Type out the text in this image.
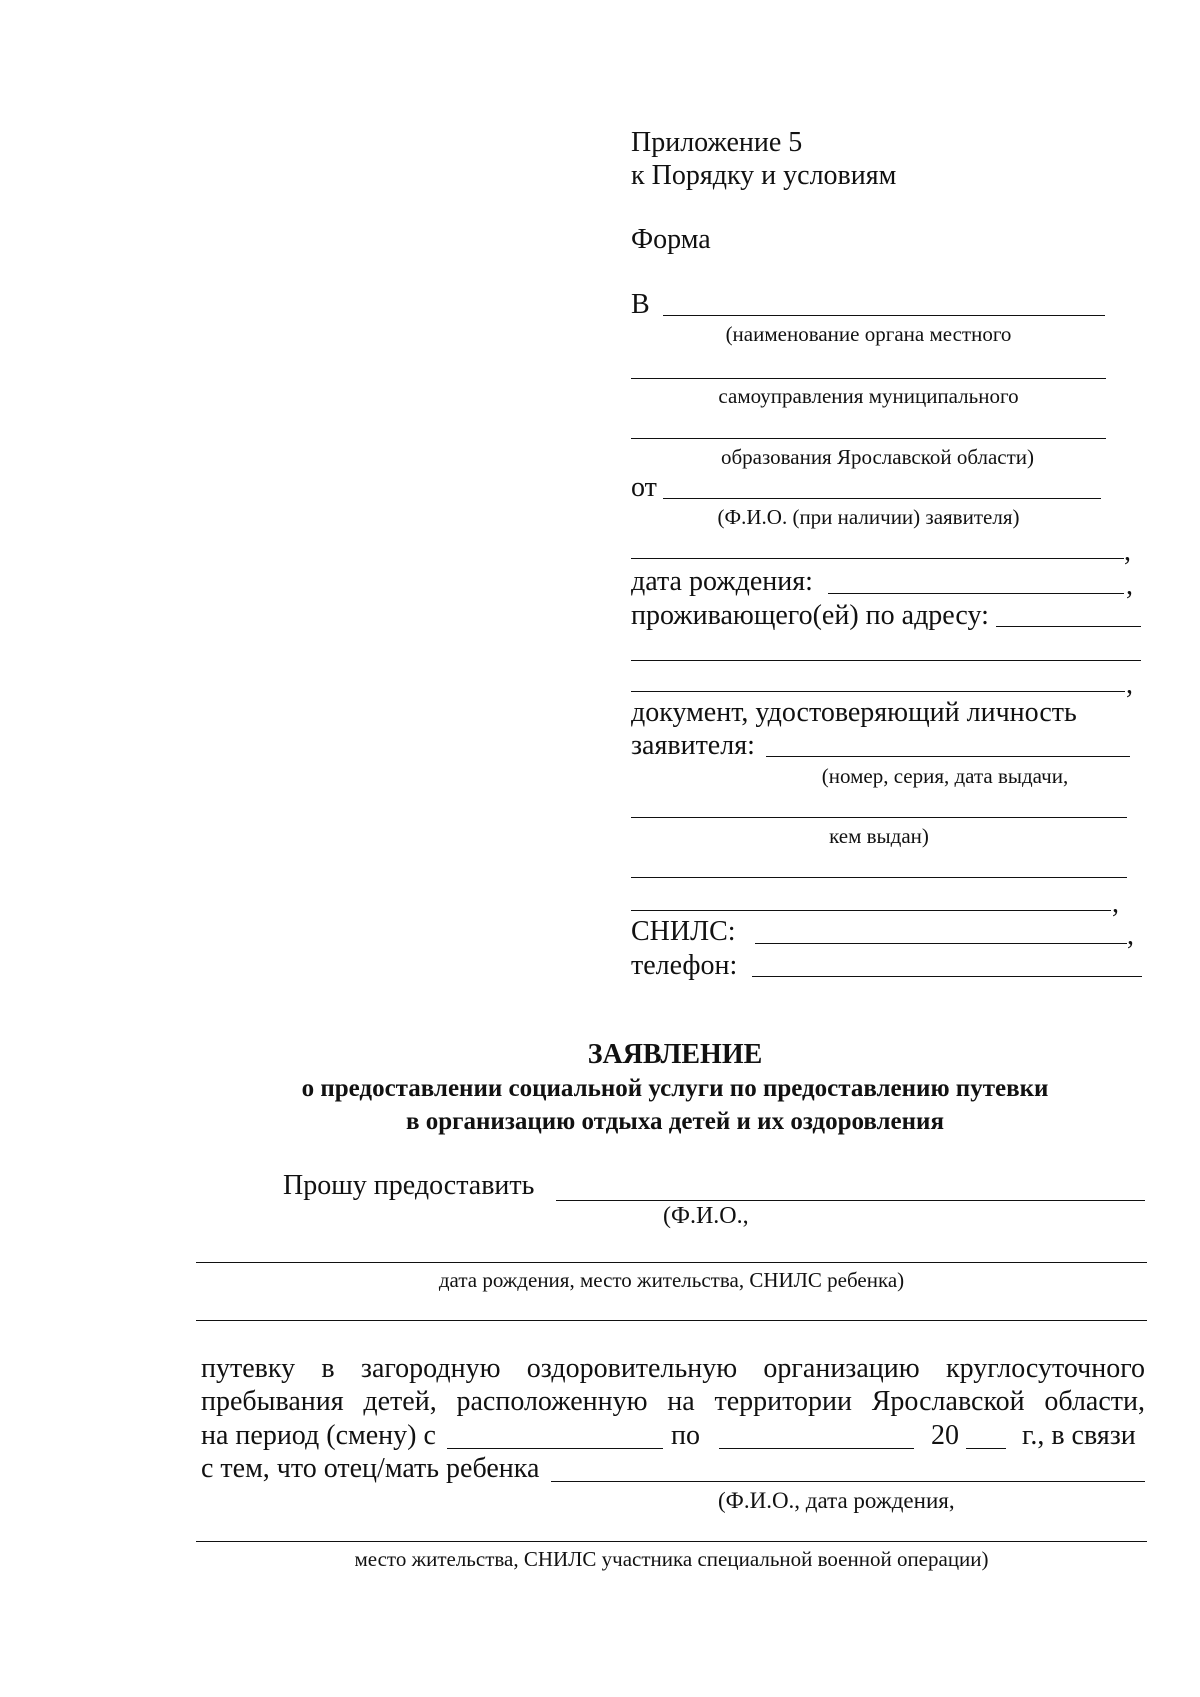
Приложение 5
к Порядку и условиям
Форма
В
(наименование органа местного
самоуправления муниципального
образования Ярославской области)
от
(Ф.И.О. (при наличии) заявителя)
,
дата рождения:	,
проживающего(ей) по адресу:
,
документ, удостоверяющий личность
заявителя:
(номер, серия, дата выдачи,
кем выдан)
,
СНИЛС:	,
телефон:
ЗАЯВЛЕНИЕ
о предоставлении социальной услуги по предоставлению путевки
в организацию отдыха детей и их оздоровления
Прошу предоставить
(Ф.И.О.,
дата рождения, место жительства, СНИЛС ребенка)
путевку в загородную оздоровительную организацию круглосуточного
пребывания детей, расположенную на территории Ярославской области,
на период (смену) с	по	20 г., в связи
с тем, что отец/мать ребенка
(Ф.И.О., дата рождения,
место жительства, СНИЛС участника специальной военной операции)
